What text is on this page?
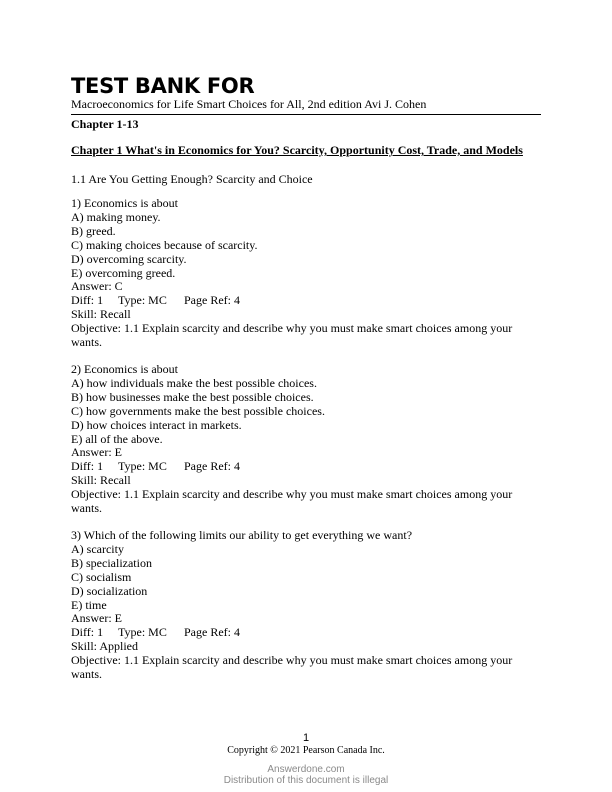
TEST BANK FOR
Macroeconomics for Life Smart Choices for All, 2nd edition Avi J. Cohen
Chapter 1-13
Chapter 1 What's in Economics for You? Scarcity, Opportunity Cost, Trade, and Models
1.1 Are You Getting Enough? Scarcity and Choice
1) Economics is about
A) making money.
B) greed.
C) making choices because of scarcity.
D) overcoming scarcity.
E) overcoming greed.
Answer: C
Diff: 1 Type: MC Page Ref: 4
Skill: Recall
Objective: 1.1 Explain scarcity and describe why you must make smart choices among your wants.
2) Economics is about
A) how individuals make the best possible choices.
B) how businesses make the best possible choices.
C) how governments make the best possible choices.
D) how choices interact in markets.
E) all of the above.
Answer: E
Diff: 1 Type: MC Page Ref: 4
Skill: Recall
Objective: 1.1 Explain scarcity and describe why you must make smart choices among your wants.
3) Which of the following limits our ability to get everything we want?
A) scarcity
B) specialization
C) socialism
D) socialization
E) time
Answer: E
Diff: 1 Type: MC Page Ref: 4
Skill: Applied
Objective: 1.1 Explain scarcity and describe why you must make smart choices among your wants.
1
Copyright © 2021 Pearson Canada Inc.
Answerdone.com
Distribution of this document is illegal
